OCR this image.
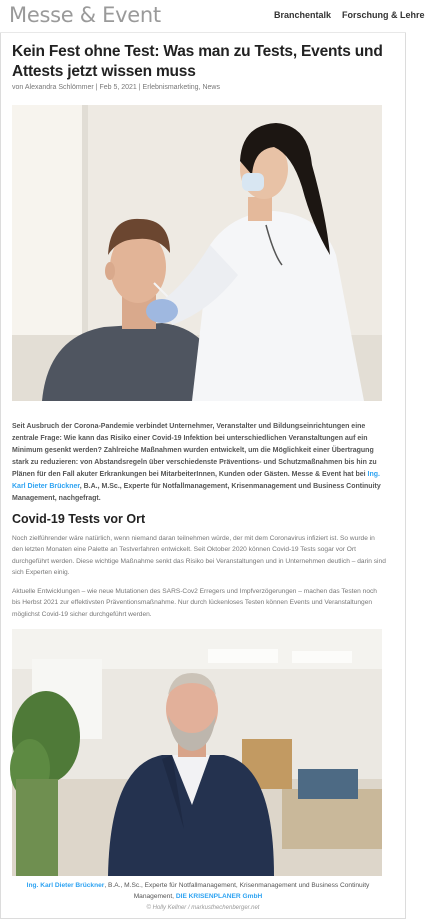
Messe & Event	Branchentalk Forschung & Lehre
Kein Fest ohne Test: Was man zu Tests, Events und Attests jetzt wissen muss
von Alexandra Schlömmer | Feb 5, 2021 | Erlebnismarketing, News

Seit Ausbruch der Corona-Pandemie verbindet Unternehmer, Veranstalter und Bildungseinrichtungen eine zentrale Frage: Wie kann das Risiko einer Covid-19 Infektion bei unterschiedlichen Veranstaltungen auf ein Minimum gesenkt werden? Zahlreiche Maßnahmen wurden entwickelt, um die Möglichkeit einer Übertragung stark zu reduzieren: von Abstandsregeln über verschiedenste Präventions- und Schutzmaßnahmen bis hin zu Plänen für den Fall akuter Erkrankungen bei MitarbeiterInnen, Kunden oder Gästen. Messe & Event hat bei Ing. Karl Dieter Brückner, B.A., M.Sc., Experte für Notfallmanagement, Krisenmanagement und Business Continuity Management, nachgefragt.

Covid-19 Tests vor Ort

Noch zielführender wäre natürlich, wenn niemand daran teilnehmen würde, der mit dem Coronavirus infiziert ist. So wurde in den letzten Monaten eine Palette an Testverfahren entwickelt. Seit Oktober 2020 können Covid-19 Tests sogar vor Ort durchgeführt werden. Diese wichtige Maßnahme senkt das Risiko bei Veranstaltungen und in Unternehmen deutlich – darin sind sich Experten einig.

Aktuelle Entwicklungen – wie neue Mutationen des SARS-Cov2 Erregers und Impfverzögerungen – machen das Testen noch bis Herbst 2021 zur effektivsten Präventionsmaßnahme. Nur durch lückenloses Testen können Events und Veranstaltungen möglichst Covid-19 sicher durchgeführt werden.

Ing. Karl Dieter Brückner, B.A., M.Sc., Experte für Notfallmanagement, Krisenmanagement und Business Continuity Management, DIE KRISENPLANER GmbH

© Holly Kellner / markusthechenberger.net
